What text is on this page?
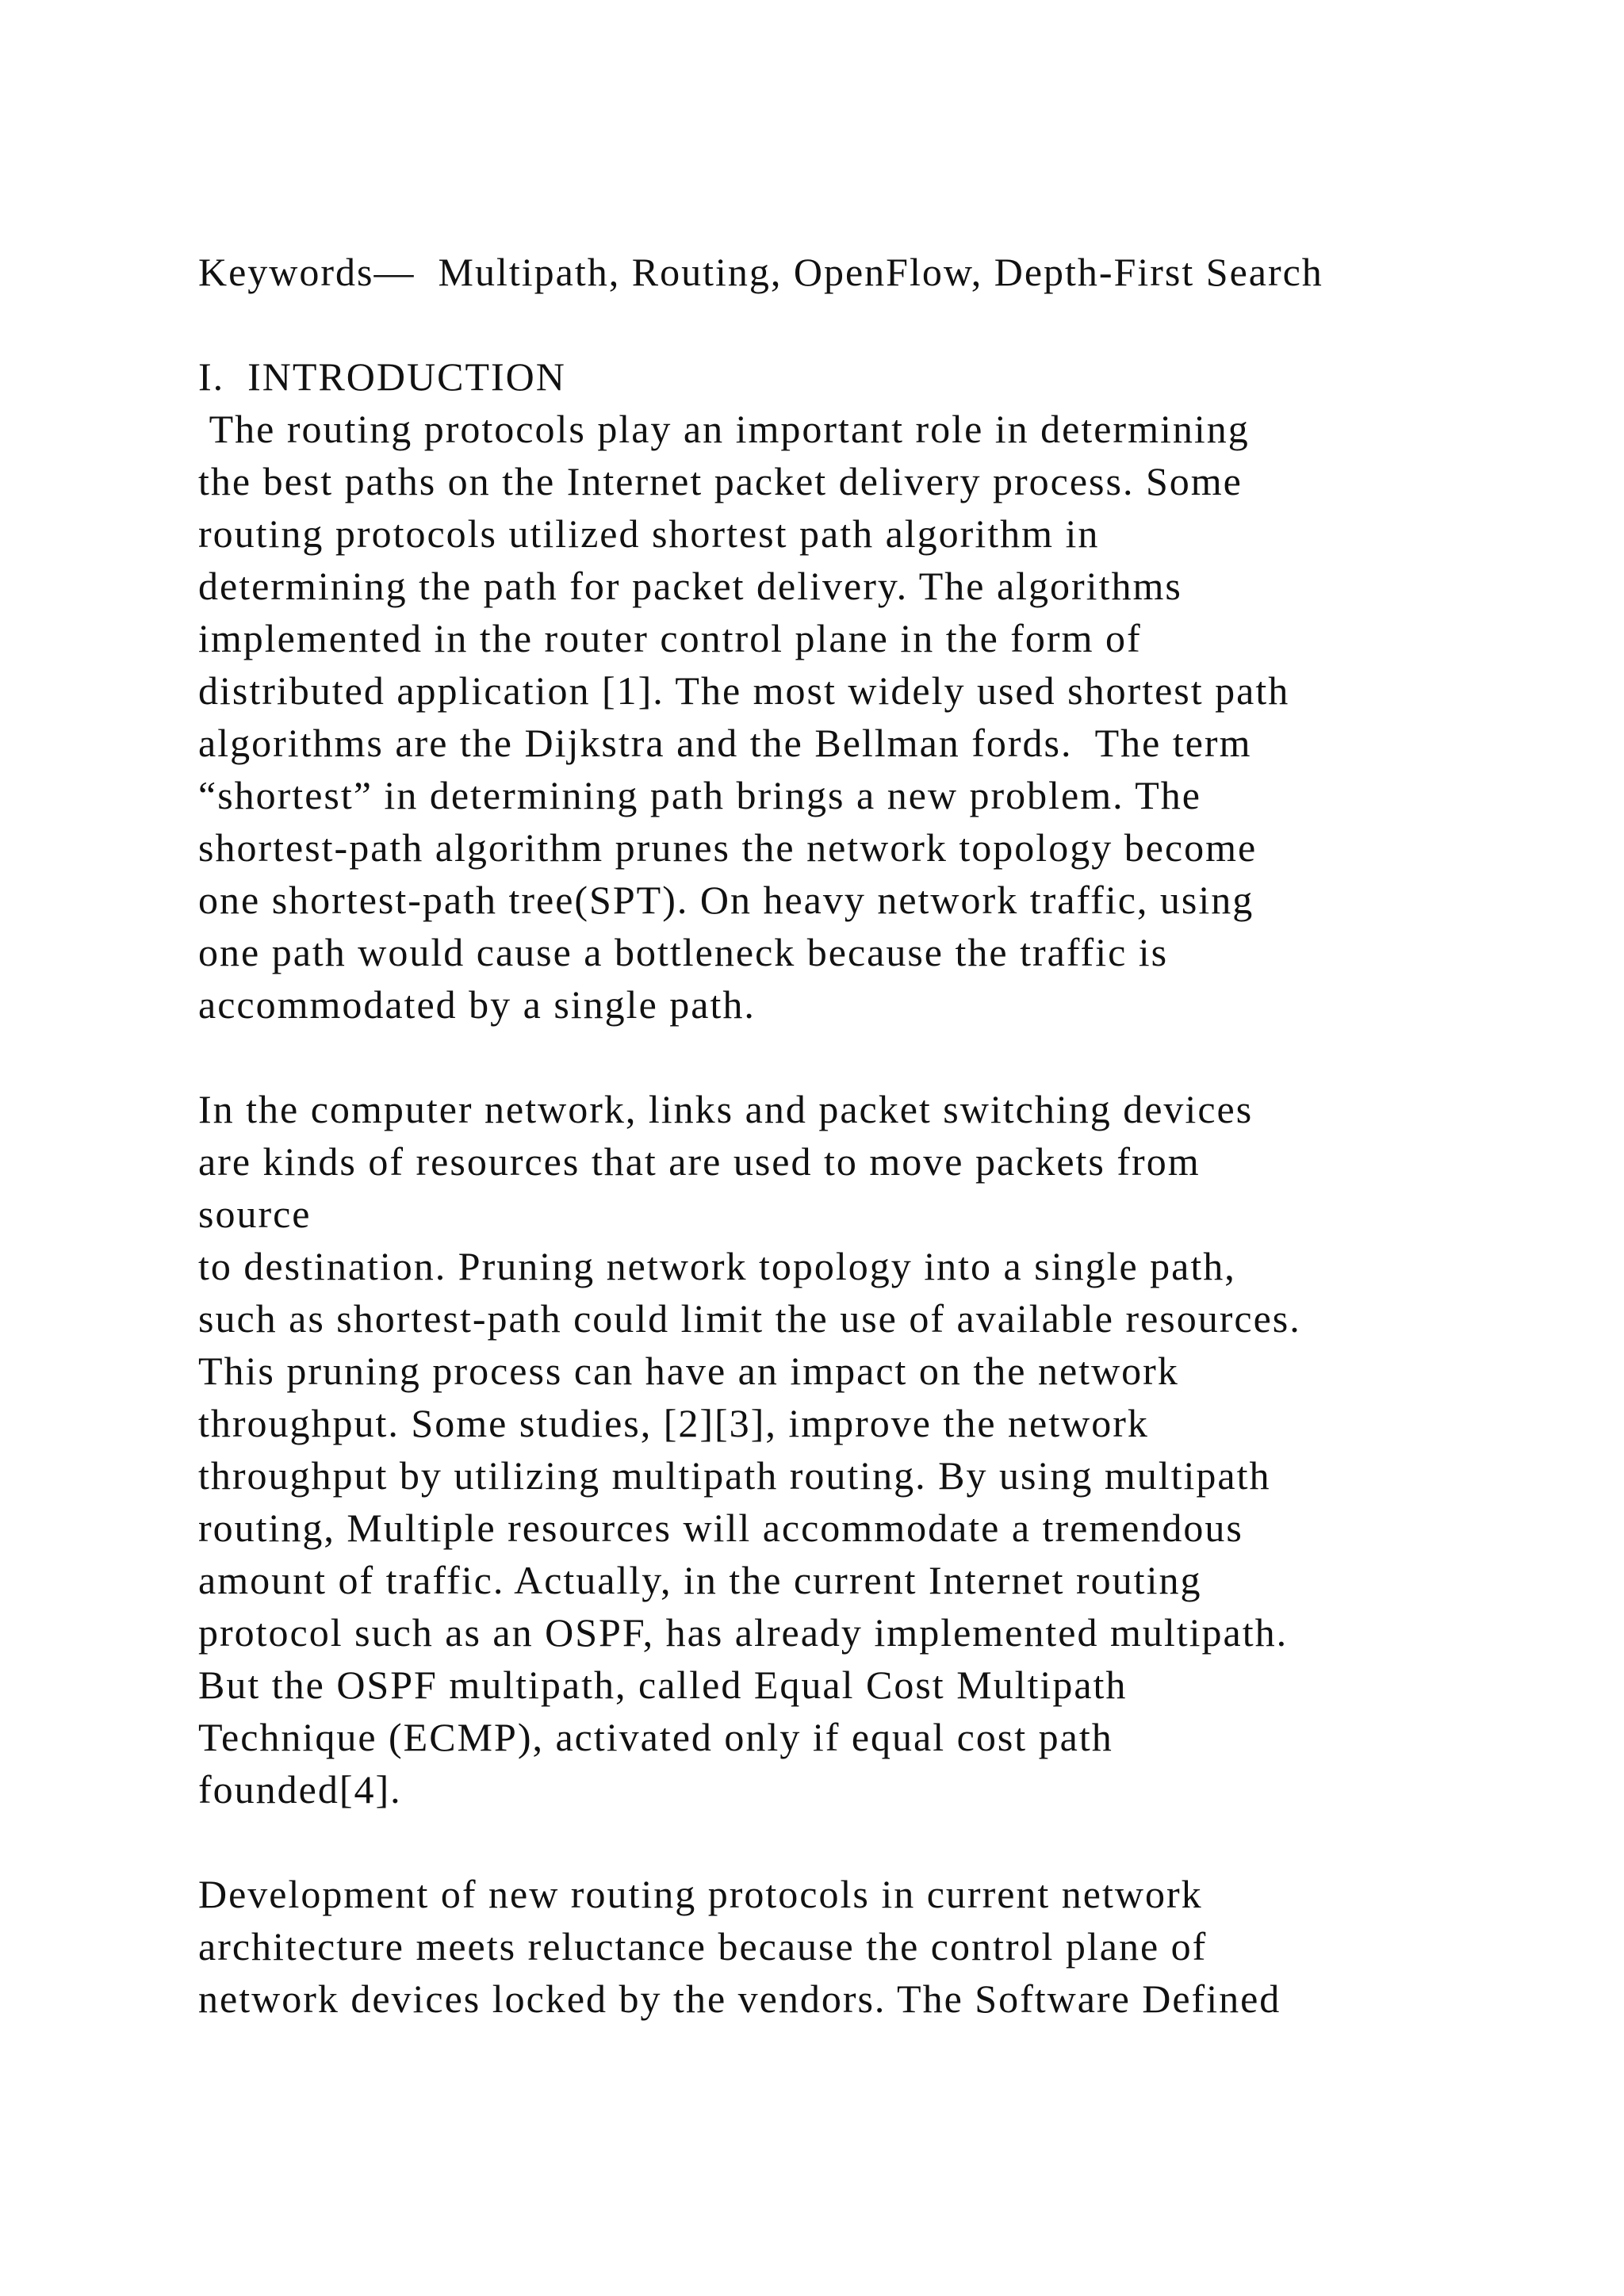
Keywords—  Multipath, Routing, OpenFlow, Depth-First Search
I.  INTRODUCTION
The routing protocols play an important role in determining
the best paths on the Internet packet delivery process. Some
routing protocols utilized shortest path algorithm in
determining the path for packet delivery. The algorithms
implemented in the router control plane in the form of
distributed application [1]. The most widely used shortest path
algorithms are the Dijkstra and the Bellman fords.  The term
“shortest” in determining path brings a new problem. The
shortest-path algorithm prunes the network topology become
one shortest-path tree(SPT). On heavy network traffic, using
one path would cause a bottleneck because the traffic is
accommodated by a single path.
In the computer network, links and packet switching devices
are kinds of resources that are used to move packets from
source
to destination. Pruning network topology into a single path,
such as shortest-path could limit the use of available resources.
This pruning process can have an impact on the network
throughput. Some studies, [2][3], improve the network
throughput by utilizing multipath routing. By using multipath
routing, Multiple resources will accommodate a tremendous
amount of traffic. Actually, in the current Internet routing
protocol such as an OSPF, has already implemented multipath.
But the OSPF multipath, called Equal Cost Multipath
Technique (ECMP), activated only if equal cost path
founded[4].
Development of new routing protocols in current network
architecture meets reluctance because the control plane of
network devices locked by the vendors. The Software Defined
